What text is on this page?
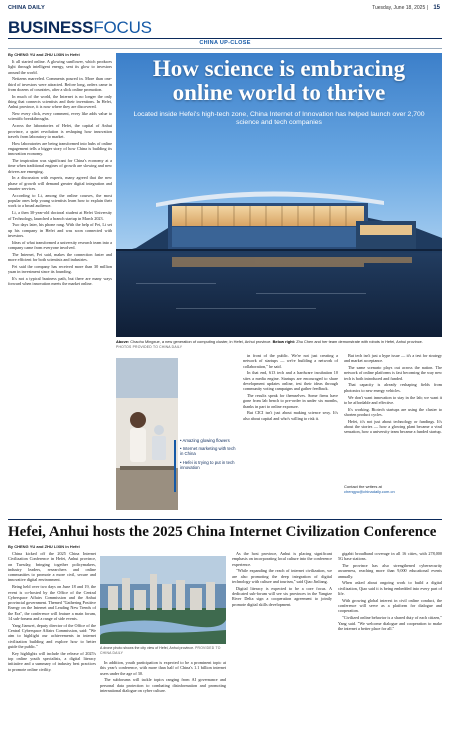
CHINA DAILY	Tuesday, June 18, 2025 | 15
BUSINESSFOCUS
CHINA UP-CLOSE
By CHENG YU and ZHU LIXIN in Hefei

It all started online. A glowing sunflower, which produces light through intelligent energy, sent its glow to investors around the world.

Netizens marveled. Comments poured in. More than one-third of investors were attracted. Before long, orders came in from dozens of countries, after a slick online promotion.

In much of the world, the Internet is no longer the only thing that connects scientists and their inventions. In Hefei, Anhui province, it is now where they are discovered.

New every click, every comment, every like adds value to scientific breakthroughs.

Across the laboratories of Hefei, the capital of Anhui province, a quiet revolution is reshaping how innovation travels from laboratory to market.

How laboratories are being transformed into hubs of online engagement tells a bigger story of how China is building its innovation economy.

The inspiration was significant for China's economy at a time when traditional engines of growth are slowing and new drivers are emerging.

In a discussion with experts, many agreed that the new phase of growth will demand greater digital integration and smarter services.

According to Li, among the online courses, the most popular ones help young scientists learn how to explain their work to a broad audience.

Li, a then 30-year-old doctoral student at Hefei University of Technology, launched a branch startup in March 2023.

Two days later, his phone rang. With the help of Fei, Li set up his company in Hefei and was soon connected with investors.

Ideas of what transformed a university research team into a company came from everyone involved.

The Internet, Fei said, makes the connection faster and more efficient for both scientists and industries.

Fei said the company has received more than 30 million yuan in investment since its founding.

It's not a typical business path, but there are many ways forward when innovation meets the market online.

How science is embracing
online world to thrive
Located inside Hefei's high-tech zone, China Internet of Innovation has helped launch over 2,700 science and tech companies
Above: Chaohu Mingxue, a new generation of computing cluster, in Hefei, Anhui province. Below right: Zhu Chen and her team demonstrate with robots in Hefei, Anhui province.
PHOTOS PROVIDED TO CHINA DAILY
• Amazing glowing flowers
• Internet marketing with tech in China
• Hefei is trying to put in tech innovation

in front of the public. We're not just creating a network of startups — we're building a network of collaboration," he said.

In that end, 613 tech and a hardware incubation 10 sites a media engine. Startups are encouraged to share development updates online, test their ideas through community voting campaigns and gather feedback.

The results speak for themselves. Some firms have gone from lab bench to pre-order in under six months, thanks in part to online exposure.

But CICI isn't just about making science sexy. It's also about capital and who's willing to risk it.

But tech isn't just a hype issue — it's a test for strategy and market acceptance.

The same scenario plays out across the nation. The network of online platforms is fast becoming the way new tech is both introduced and funded.

That capacity is already reshaping fields from photonics to new energy vehicles.

We don't want innovation to stay in the lab; we want it to be affordable and effective.

It's working. Biotech startups are using the cluster to shorten product cycles.

Hefei, it's not just about technology or fundings. It's about the stories — how a glowing plant became a viral sensation, how a university team became a funded startup.

Contact the writers at
chengyu@chinadaily.com.cn
Hefei, Anhui hosts the 2025 China Internet Civilization Conference
By CHENG YU and ZHU LIXIN in Hefei

China kicked off the 2025 China Internet Civilization Conference in Hefei, Anhui province, on Tuesday, bringing together policymakers, industry leaders, researchers and online communities to promote a more civil, secure and innovative digital environment.

Being held over two days on June 18 and 19, the event is co-hosted by the Office of the Central Cyberspace Affairs Commission and the Anhui provincial government. Themed "Gathering Positive Energy on the Internet and Leading New Trends of the Era", the conference will feature a main forum, 14 sub-forums and a range of side events.

Yang Jianwei, deputy director of the Office of the Central Cyberspace Affairs Commission, said: "We aim to highlight our achievements in internet civilization building and explore how to better guide the public."

Key highlights will include the release of 2025's top online youth specialists, a digital literacy initiative and a summary of industry best practices to promote online civility.

A drone photo shows the city view of Hefei, Anhui province. PROVIDED TO CHINA DAILY

In addition, youth participation is expected to be a prominent topic at this year's conference, with more than half of China's 1.1 billion internet users under the age of 30.

The subforums will tackle topics ranging from AI governance and personal data protection to combating disinformation and promoting international dialogue on cyber culture.

As the host province, Anhui is placing significant emphasis on incorporating local culture into the conference experience.

"While expanding the reach of internet civilization, we are also promoting the deep integration of digital technology with culture and tourism," said Qiao Jinliang.

Digital literacy is expected to be a core focus. A dedicated sub-forum will see six provinces in the Yangtze River Delta sign a cooperation agreement to jointly promote digital skills development.

gigabit broadband coverage in all 16 cities, with 278,000 5G base stations.

The province has also strengthened cybersecurity awareness, reaching more than 9,000 educational events annually.

When asked about ongoing work to build a digital civilization, Qiao said it is being embedded into every part of life.

With growing global interest in civil online conduct, the conference will serve as a platform for dialogue and cooperation.

"Civilized online behavior is a shared duty of each citizen," Yang said. "We welcome dialogue and cooperation to make the internet a better place for all."
